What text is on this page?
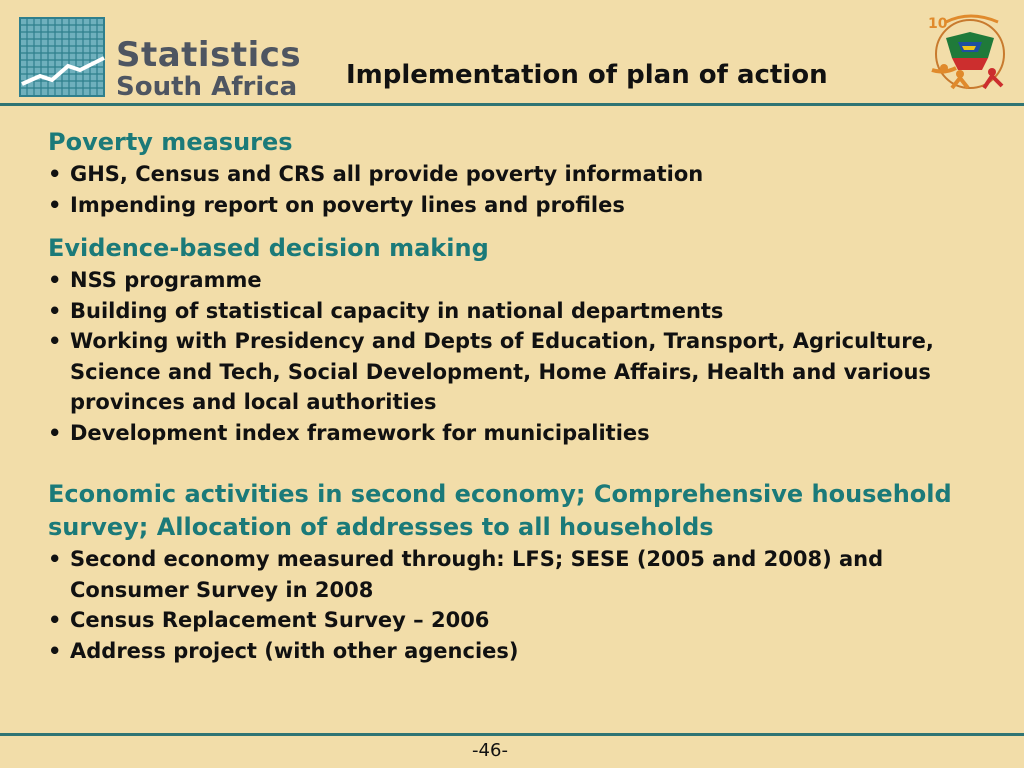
Statistics
South Africa Implementation of plan of action
10
Poverty measures
• GHS, Census and CRS all provide poverty information
• Impending report on poverty lines and profiles
Evidence-based decision making
• NSS programme
• Building of statistical capacity in national departments
• Working with Presidency and Depts of Education, Transport, Agriculture, Science and Tech, Social Development, Home Affairs, Health and various provinces and local authorities
• Development index framework for municipalities
Economic activities in second economy; Comprehensive household survey; Allocation of addresses to all households
• Second economy measured through: LFS; SESE (2005 and 2008) and Consumer Survey in 2008
• Census Replacement Survey – 2006
• Address project (with other agencies)
-46-
